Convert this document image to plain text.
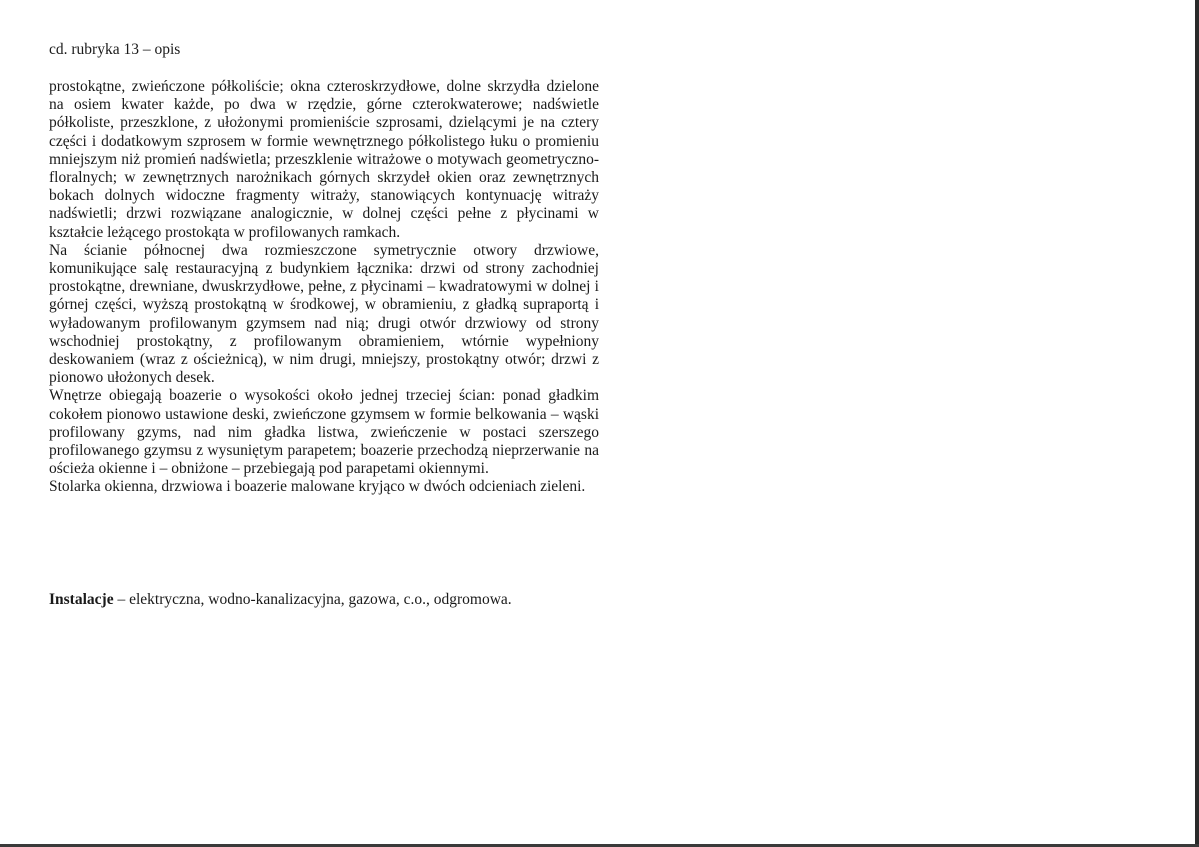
cd. rubryka 13 – opis

prostokątne, zwieńczone półkoliście; okna czteroskrzydłowe, dolne skrzydła dzielone na osiem kwater każde, po dwa w rzędzie, górne czterokwaterowe; nadświetle półkoliste, przeszklone, z ułożonymi promieniście szprosami, dzielącymi je na cztery części i dodatkowym szprosem w formie wewnętrznego półkolistego łuku o promieniu mniejszym niż promień nadświetla; przeszklenie witrażowe o motywach geometryczno-floralnych; w zewnętrznych narożnikach górnych skrzydeł okien oraz zewnętrznych bokach dolnych widoczne fragmenty witraży, stanowiących kontynuację witraży nadświetli; drzwi rozwiązane analogicznie, w dolnej części pełne z płycinami w kształcie leżącego prostokąta w profilowanych ramkach.

Na ścianie północnej dwa rozmieszczone symetrycznie otwory drzwiowe, komunikujące salę restauracyjną z budynkiem łącznika: drzwi od strony zachodniej prostokątne, drewniane, dwuskrzydłowe, pełne, z płycinami – kwadratowymi w dolnej i górnej części, wyższą prostokątną w środkowej, w obramieniu, z gładką supraportą i wyładowanym profilowanym gzymsem nad nią; drugi otwór drzwiowy od strony wschodniej prostokątny, z profilowanym obramieniem, wtórnie wypełniony deskowaniem (wraz z ościeżnicą), w nim drugi, mniejszy, prostokątny otwór; drzwi z pionowo ułożonych desek.

Wnętrze obiegają boazerie o wysokości około jednej trzeciej ścian: ponad gładkim cokołem pionowo ustawione deski, zwieńczone gzymsem w formie belkowania – wąski profilowany gzyms, nad nim gładka listwa, zwieńczenie w postaci szerszego profilowanego gzymsu z wysuniętym parapetem; boazerie przechodzą nieprzerwanie na ościeża okienne i – obniżone – przebiegają pod parapetami okiennymi.

Stolarka okienna, drzwiowa i boazerie malowane kryjąco w dwóch odcieniach zieleni.

Instalacje – elektryczna, wodno-kanalizacyjna, gazowa, c.o., odgromowa.
